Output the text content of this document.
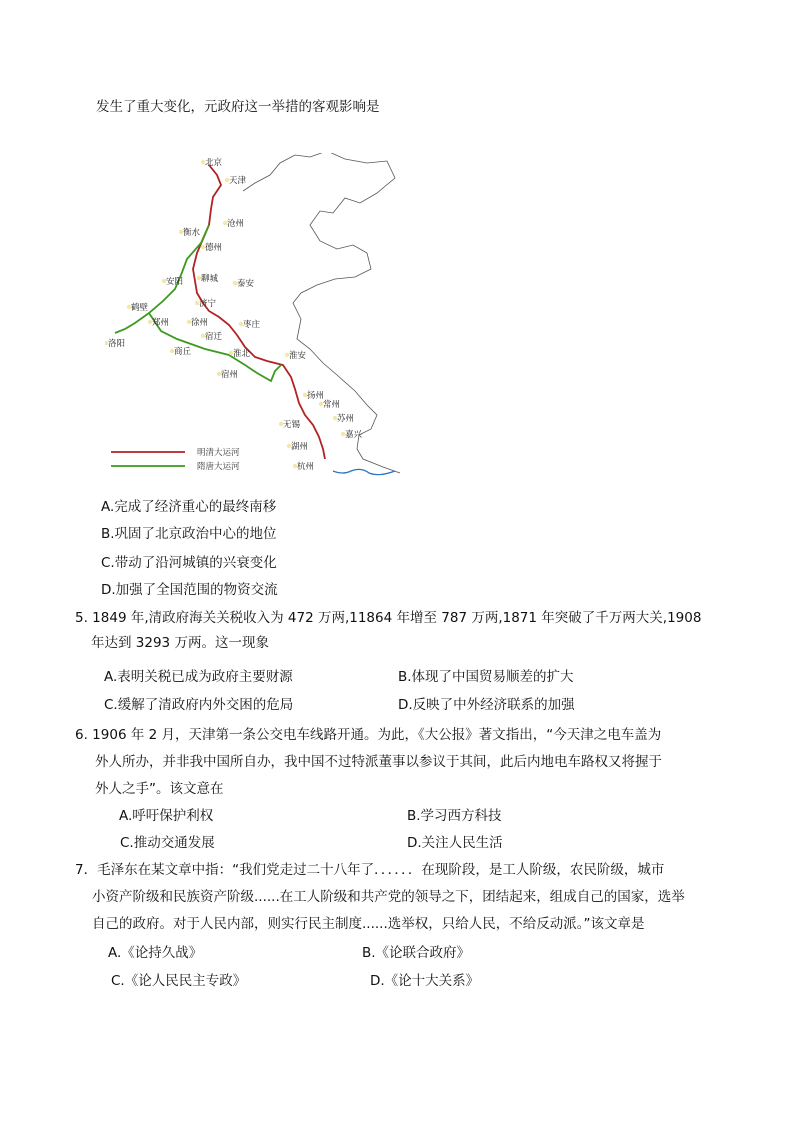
发生了重大变化，元政府这一举措的客观影响是
北京
天津
沧州
衡水
德州
聊城 泰安
安阳
鹤壁	济宁
郑州	徐州	枣庄
洛阳
宿迁
商丘	淮北	淮安
宿州
扬州
常州
无锡
苏州
湖州
嘉兴
杭州
明清大运河
隋唐大运河
A.完成了经济重心的最终南移
B.巩固了北京政治中心的地位
C.带动了沿河城镇的兴衰变化
D.加强了全国范围的物资交流
5. 1849 年,清政府海关关税收入为 472 万两,11864 年增至 787 万两,1871 年突破了千万两大关,1908
年达到 3293 万两。这一现象
A.表明关税已成为政府主要财源	B.体现了中国贸易顺差的扩大
C.缓解了清政府内外交困的危局	D.反映了中外经济联系的加强
6. 1906 年 2 月，天津第一条公交电车线路开通。为此，《大公报》著文指出，“今天津之电车盖为
外人所办，并非我中国所自办，我中国不过特派董事以参议于其间，此后内地电车路权又将握于
外人之手”。该文意在
A.呼吁保护利权	B.学习西方科技
C.推动交通发展	D.关注人民生活
7．毛泽东在某文章中指：“我们党走过二十八年了．．．．．．在现阶段，是工人阶级，农民阶级，城市
小资产阶级和民族资产阶级......在工人阶级和共产党的领导之下，团结起来，组成自己的国家，选举
自己的政府。对于人民内部，则实行民主制度......选举权，只给人民，不给反动派。”该文章是
A.《论持久战》	B.《论联合政府》
C.《论人民民主专政》	D.《论十大关系》
